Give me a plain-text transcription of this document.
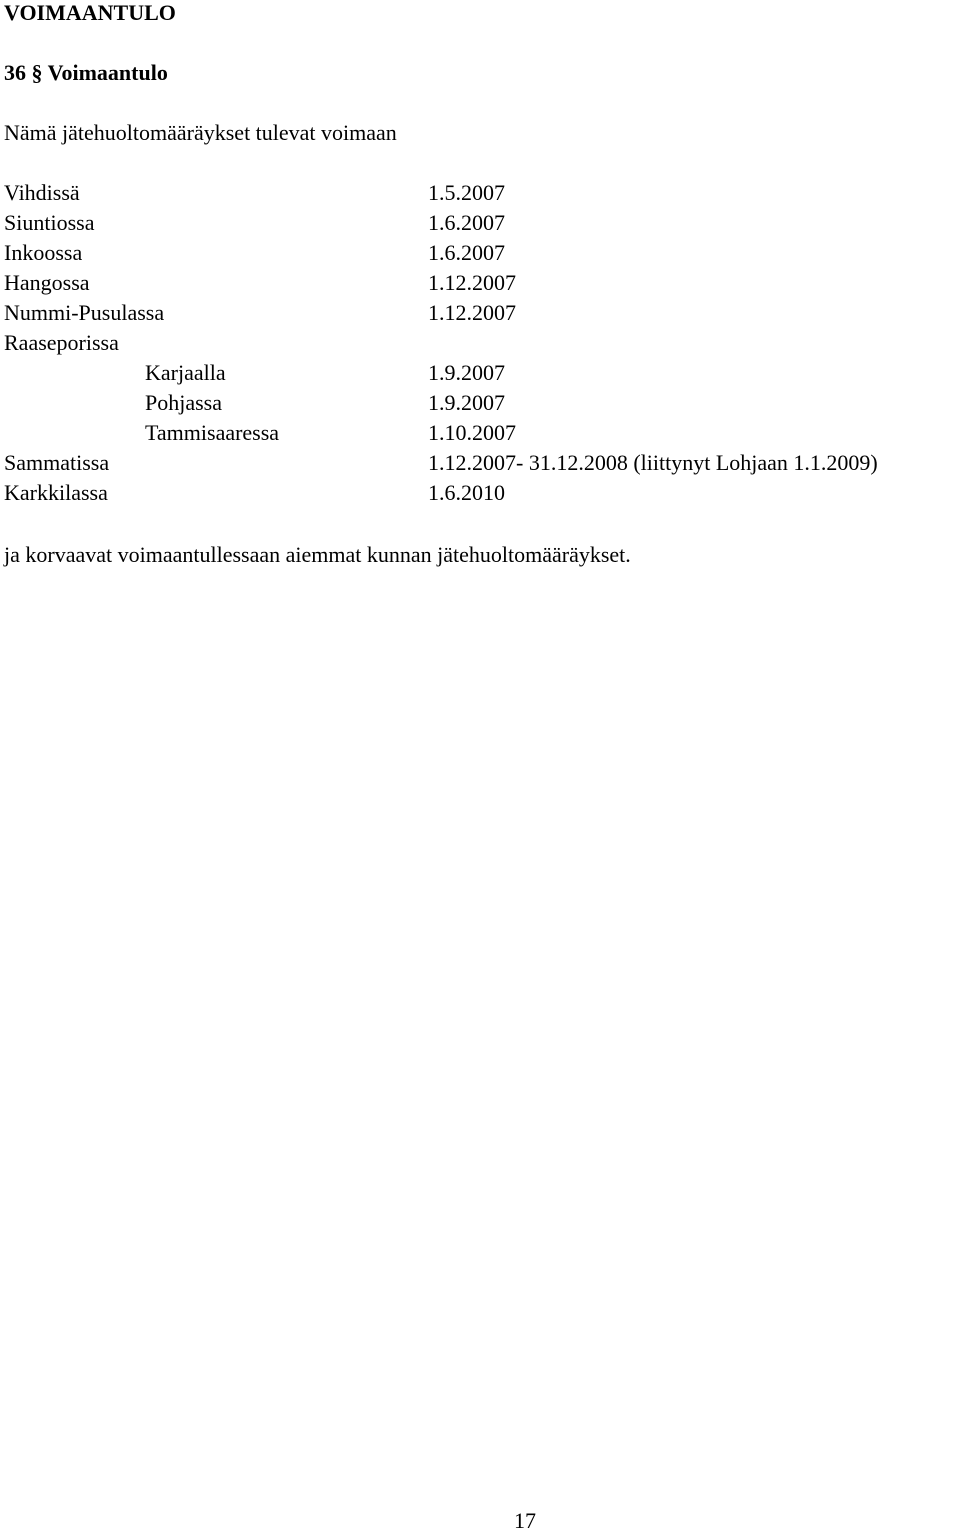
VOIMAANTULO
36 § Voimaantulo
Nämä jätehuoltomääräykset tulevat voimaan
Vihdissä	1.5.2007
Siuntiossa	1.6.2007
Inkoossa	1.6.2007
Hangossa	1.12.2007
Nummi-Pusulassa	1.12.2007
Raaseporissa
Karjaalla	1.9.2007
Pohjassa	1.9.2007
Tammisaaressa	1.10.2007
Sammatissa	1.12.2007- 31.12.2008 (liittynyt Lohjaan 1.1.2009)
Karkkilassa	1.6.2010
ja korvaavat voimaantullessaan aiemmat kunnan jätehuoltomääräykset.
17
